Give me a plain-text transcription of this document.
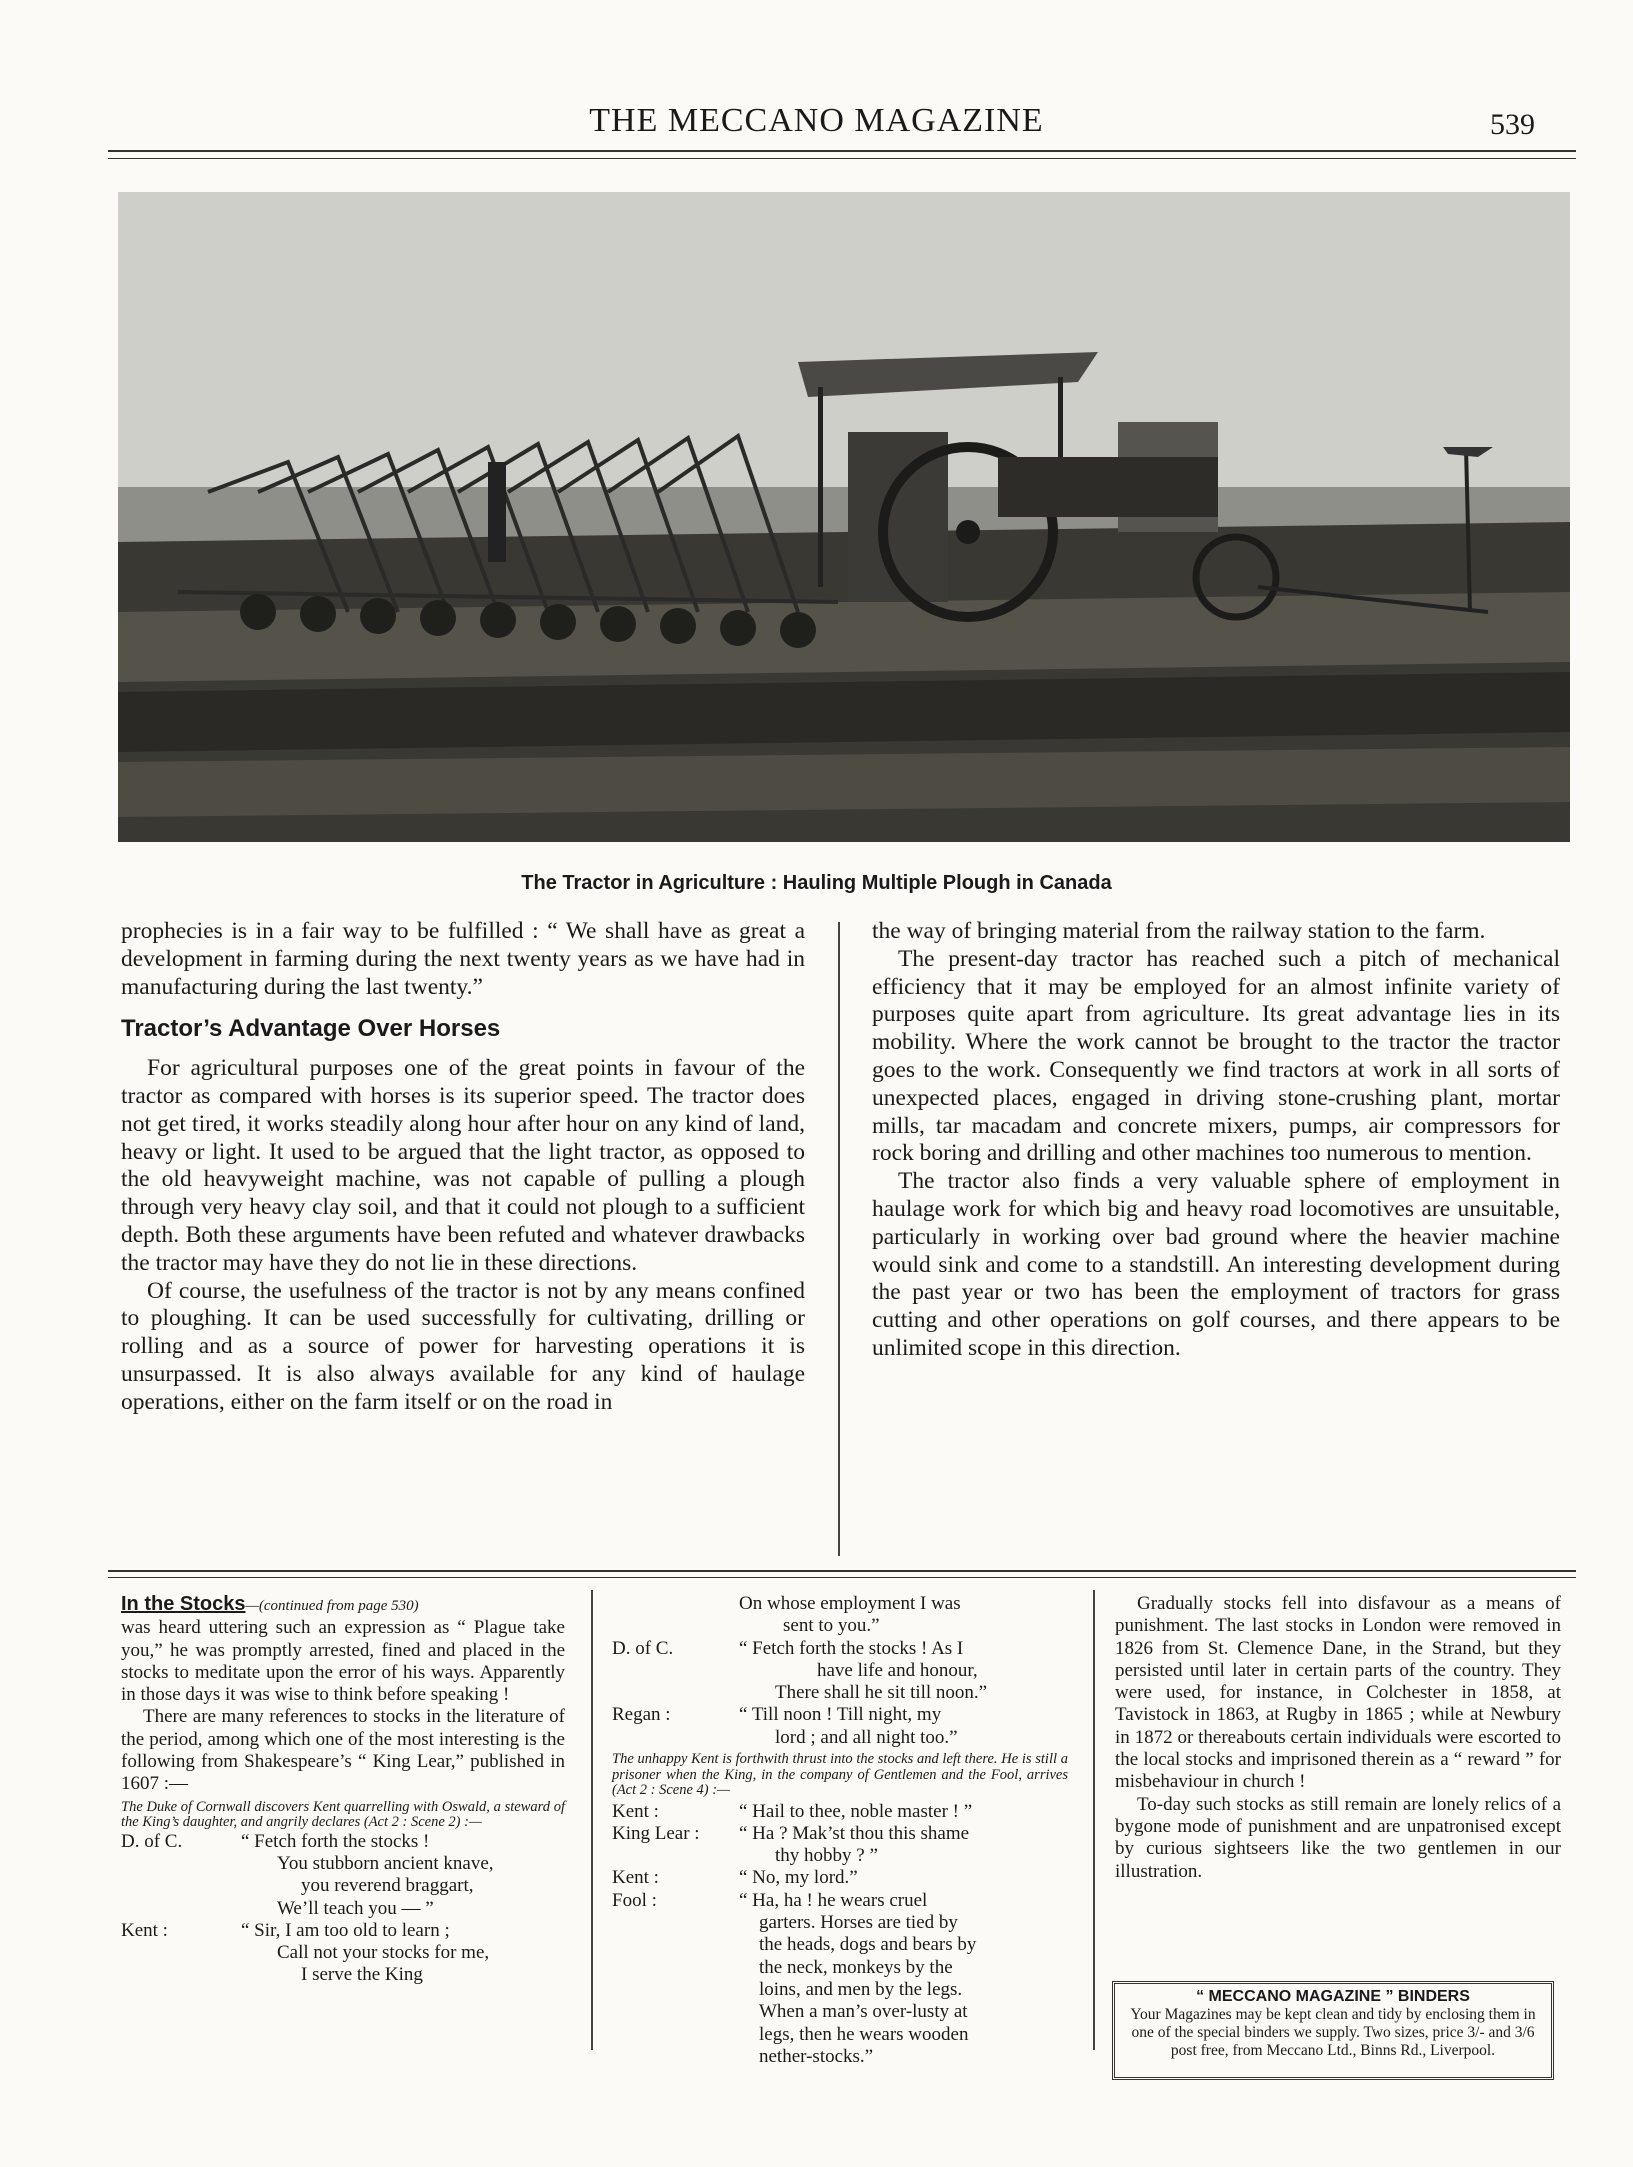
THE MECCANO MAGAZINE	539
The Tractor in Agriculture : Hauling Multiple Plough in Canada

prophecies is in a fair way to be fulfilled : “ We shall have as great a development in farming during the next twenty years as we have had in manufacturing during the last twenty.”

Tractor’s Advantage Over Horses

For agricultural purposes one of the great points in favour of the tractor as compared with horses is its superior speed. The tractor does not get tired, it works steadily along hour after hour on any kind of land, heavy or light. It used to be argued that the light tractor, as opposed to the old heavyweight machine, was not capable of pulling a plough through very heavy clay soil, and that it could not plough to a sufficient depth. Both these arguments have been refuted and whatever drawbacks the tractor may have they do not lie in these directions.

Of course, the usefulness of the tractor is not by any means confined to ploughing. It can be used successfully for cultivating, drilling or rolling and as a source of power for harvesting operations it is unsurpassed. It is also always available for any kind of haulage operations, either on the farm itself or on the road in

the way of bringing material from the railway station to the farm.

The present-day tractor has reached such a pitch of mechanical efficiency that it may be employed for an almost infinite variety of purposes quite apart from agriculture. Its great advantage lies in its mobility. Where the work cannot be brought to the tractor the tractor goes to the work. Consequently we find tractors at work in all sorts of unexpected places, engaged in driving stone-crushing plant, mortar mills, tar macadam and concrete mixers, pumps, air compressors for rock boring and drilling and other machines too numerous to mention.

The tractor also finds a very valuable sphere of employment in haulage work for which big and heavy road locomotives are unsuitable, particularly in working over bad ground where the heavier machine would sink and come to a standstill. An interesting development during the past year or two has been the employment of tractors for grass cutting and other operations on golf courses, and there appears to be unlimited scope in this direction.

In the Stocks—(continued from page 530)

was heard uttering such an expression as “ Plague take you,” he was promptly arrested, fined and placed in the stocks to meditate upon the error of his ways. Apparently in those days it was wise to think before speaking !

There are many references to stocks in the literature of the period, among which one of the most interesting is the following from Shakespeare’s “ King Lear,” published in 1607 :—

The Duke of Cornwall discovers Kent quarrelling with Oswald, a steward of the King’s daughter, and angrily declares (Act 2 : Scene 2) :—

D. of C.	“ Fetch forth the stocks !
You stubborn ancient knave,
you reverend braggart,
We’ll teach you — ”
Kent :	“ Sir, I am too old to learn ;
Call not your stocks for me,
I serve the King
On whose employment I was
sent to you.”
D. of C.	“ Fetch forth the stocks ! As I
have life and honour,
There shall he sit till noon.”
Regan :	“ Till noon ! Till night, my
lord ; and all night too.”

The unhappy Kent is forthwith thrust into the stocks and left there. He is still a prisoner when the King, in the company of Gentlemen and the Fool, arrives (Act 2 : Scene 4) :—

Kent :	“ Hail to thee, noble master ! ”
King Lear :	“ Ha ? Mak’st thou this shame
thy hobby ? ”
Kent :	“ No, my lord.”
Fool :	“ Ha, ha ! he wears cruel
garters. Horses are tied by
the heads, dogs and bears by
the neck, monkeys by the
loins, and men by the legs.
When a man’s over-lusty at
legs, then he wears wooden
nether-stocks.”

Gradually stocks fell into disfavour as a means of punishment. The last stocks in London were removed in 1826 from St. Clemence Dane, in the Strand, but they persisted until later in certain parts of the country. They were used, for instance, in Colchester in 1858, at Tavistock in 1863, at Rugby in 1865 ; while at Newbury in 1872 or thereabouts certain individuals were escorted to the local stocks and imprisoned therein as a “ reward ” for misbehaviour in church !

To-day such stocks as still remain are lonely relics of a bygone mode of punishment and are unpatronised except by curious sightseers like the two gentlemen in our illustration.

“ MECCANO MAGAZINE ” BINDERS
Your Magazines may be kept clean and tidy by enclosing them in one of the special binders we supply. Two sizes, price 3/- and 3/6 post free, from Meccano Ltd., Binns Rd., Liverpool.
